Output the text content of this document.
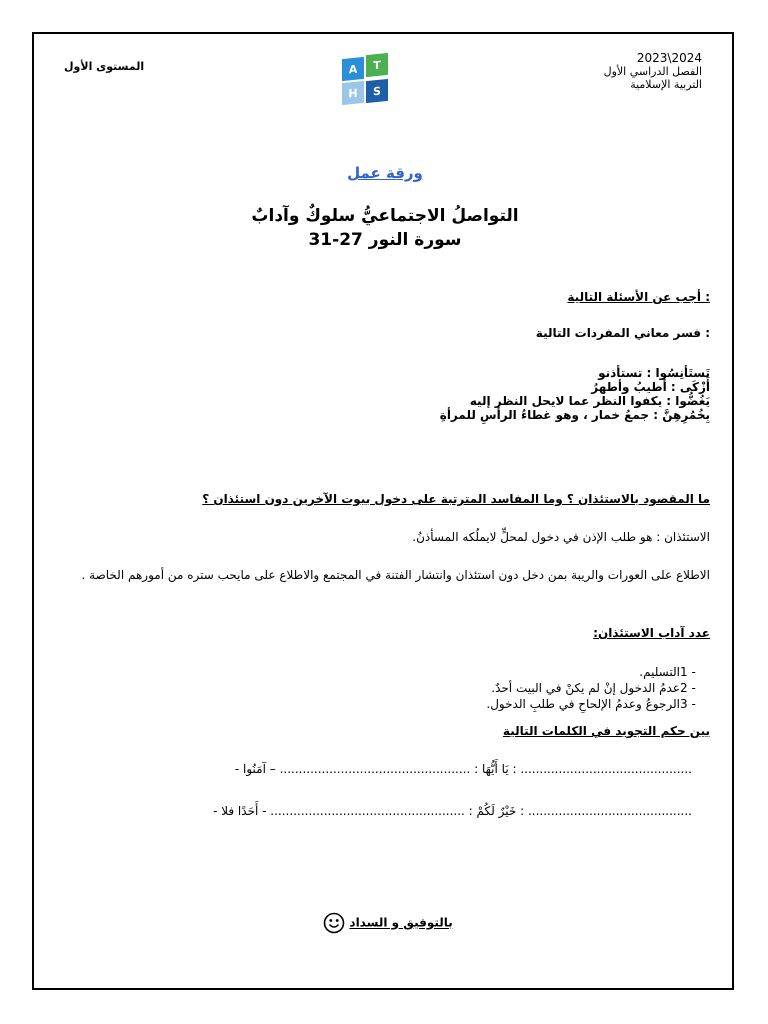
المستوى الأول	A	T
H	S
2023\2024
الفصل الدراسي الأول
التربية الإسلامية
ورقة عمل
التواصلُ الاجتماعيُّ سلوكٌ وآدابٌ
سورة النور 27-31
: أجب عن الأسئلة التالية
: فسر معاني المفردات التالية
تَستَأنِسُوا : تستأذنو
أَزْكَى : أطيبُ وأطهرُ
يَغُضُّوا : يكفوا النظر عما لايحل النظر إليه
بِخُمُرِهِنَّ : جمعُ خمار ، وهو غطاءُ الرأسِ للمرأةِ
ما المقصود بالاستئذان ؟ وما المفاسد المترتبة على دخول بيوت الآخرين دون استئذان ؟
الاستئذان : هو طلب الإذن في دخول لمحلٍّ لايملُكه المسأذنُ.
الاطلاع على العورات والريبة بمن دخل دون استئذان وانتشار الفتنة في المجتمع والاطلاع على مايحب ستره من أمورهم الخاصة .
عدد آداب الاستئذان:
1 -
التسليم.
2 -
عدمُ الدخول إنْ لم يكنْ في البيت أحدٌ.
3 -
الرجوعُ وعدمُ الإلحاحِ في طلبِ الدخول.
بين حكم التجويد في الكلمات التالية
............................................. : يَا أَيُّهَا : .................................................. – آمَنُوا -
........................................... : خَيْرٌ لَكُمْ : ................................................... - أَحَدًا فلا -
بالتوفيق و السداد
